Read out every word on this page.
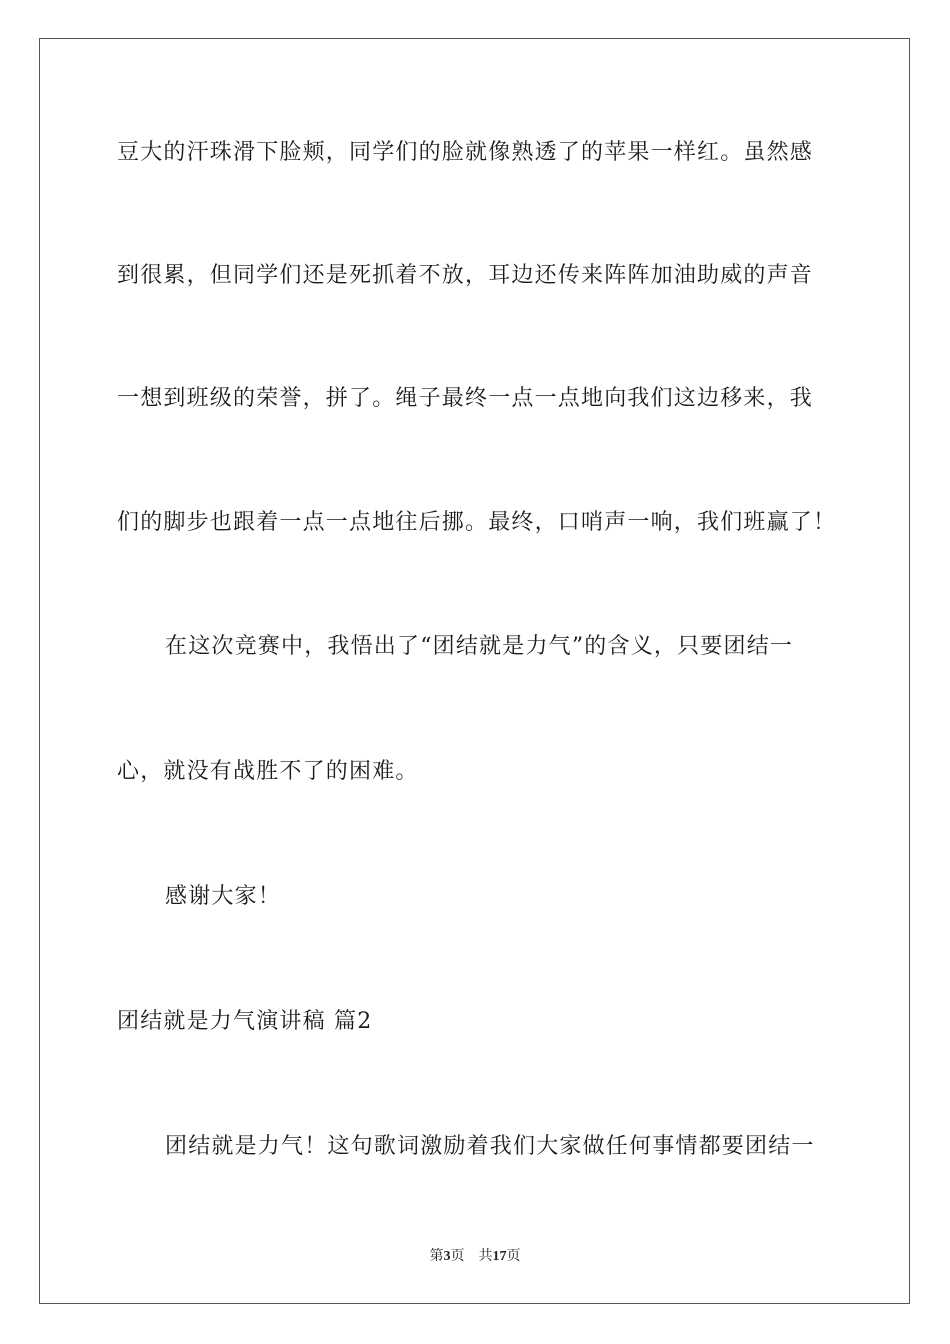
豆大的汗珠滑下脸颊，同学们的脸就像熟透了的苹果一样红。虽然感
到很累，但同学们还是死抓着不放，耳边还传来阵阵加油助威的声音
一想到班级的荣誉，拼了。绳子最终一点一点地向我们这边移来，我
们的脚步也跟着一点一点地往后挪。最终，口哨声一响，我们班赢了！
在这次竞赛中，我悟出了“团结就是力气”的含义，只要团结一
心，就没有战胜不了的困难。
感谢大家！
团结就是力气演讲稿 篇2
团结就是力气！这句歌词激励着我们大家做任何事情都要团结一
第3页 共17页
